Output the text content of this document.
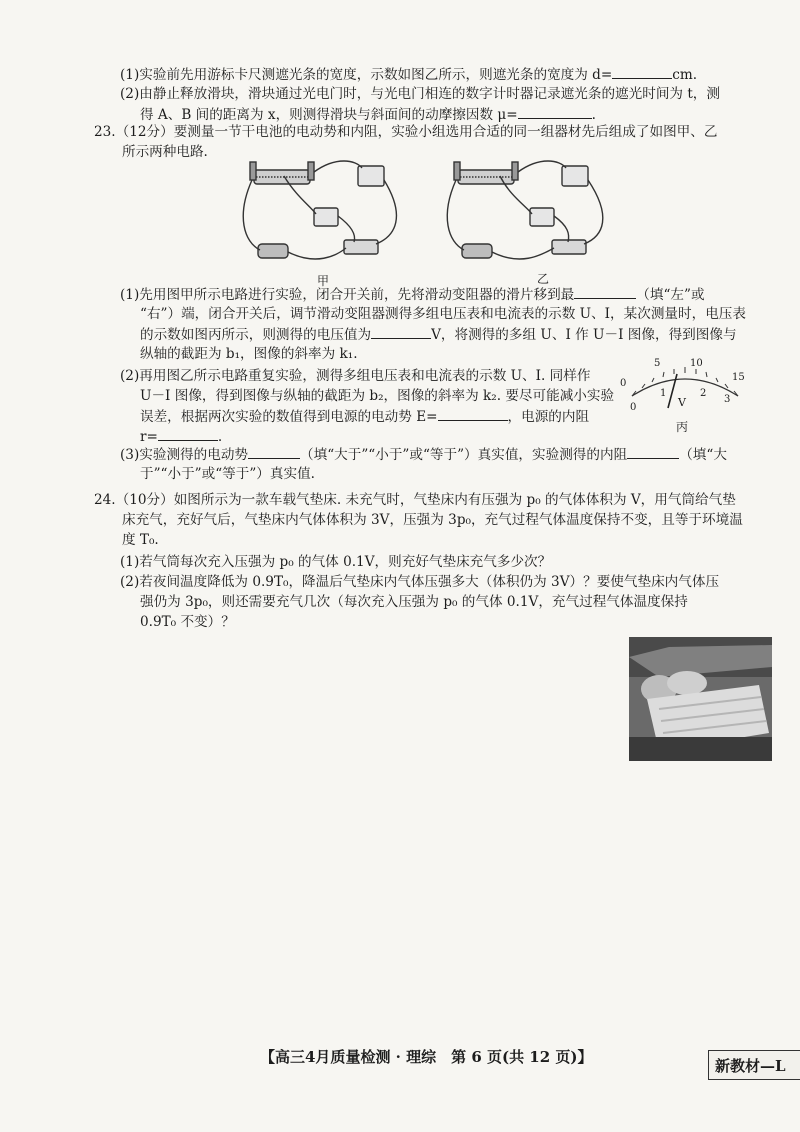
(1)实验前先用游标卡尺测遮光条的宽度，示数如图乙所示，则遮光条的宽度为 d=	cm.
(2)由静止释放滑块，滑块通过光电门时，与光电门相连的数字计时器记录遮光条的遮光时间为 t，测
得 A、B 间的距离为 x，则测得滑块与斜面间的动摩擦因数 μ=	.
23.（12分）要测量一节干电池的电动势和内阻，实验小组选用合适的同一组器材先后组成了如图甲、乙
所示两种电路.
甲	乙
(1)先用图甲所示电路进行实验，闭合开关前，先将滑动变阻器的滑片移到最	（填“左”或
“右”）端，闭合开关后，调节滑动变阻器测得多组电压表和电流表的示数 U、I，某次测量时，电压表
的示数如图丙所示，则测得的电压值为	V，将测得的多组 U、I 作 U－I 图像，得到图像与
纵轴的截距为 b₁，图像的斜率为 k₁.
(2)再用图乙所示电路重复实验，测得多组电压表和电流表的示数 U、I. 同样作
U－I 图像，得到图像与纵轴的截距为 b₂，图像的斜率为 k₂. 要尽可能减小实验
误差，根据两次实验的数值得到电源的电动势 E=	，电源的内阻
r=	.
5	10
15
0
0
1	2
3
V
丙
(3)实验测得的电动势	（填“大于”“小于”或“等于”）真实值，实验测得的内阻	（填“大
于”“小于”或“等于”）真实值.
24.（10分）如图所示为一款车载气垫床. 未充气时，气垫床内有压强为 p₀ 的气体体积为 V，用气筒给气垫
床充气，充好气后，气垫床内气体体积为 3V，压强为 3p₀，充气过程气体温度保持不变，且等于环境温
度 T₀.
(1)若气筒每次充入压强为 p₀ 的气体 0.1V，则充好气垫床充气多少次？
(2)若夜间温度降低为 0.9T₀，降温后气垫床内气体压强多大（体积仍为 3V）？要使气垫床内气体压
强仍为 3p₀，则还需要充气几次（每次充入压强为 p₀ 的气体 0.1V，充气过程气体温度保持
0.9T₀ 不变）？
【高三4月质量检测 · 理综　第 6 页(共 12 页)】	新教材—L
